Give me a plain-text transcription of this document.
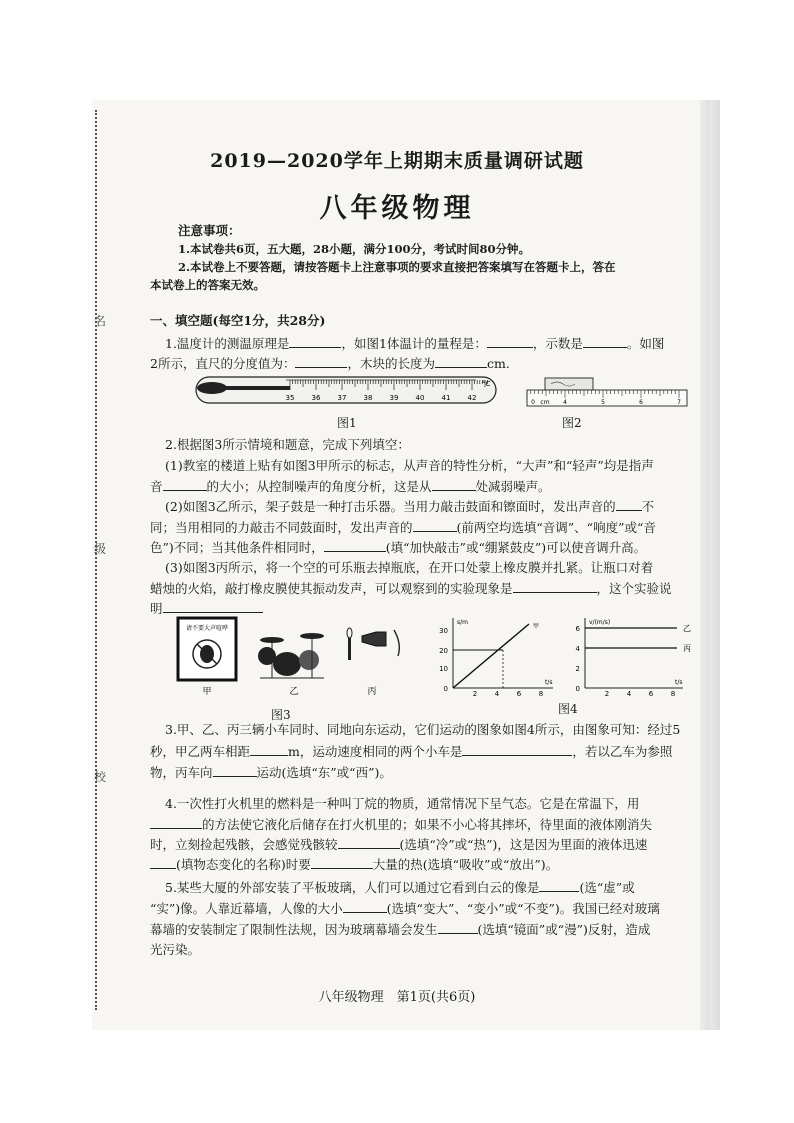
名
级
校
2019—2020学年上期期末质量调研试题
八年级物理
注意事项：
1.本试卷共6页，五大题，28小题，满分100分，考试时间80分钟。
2.本试卷上不要答题，请按答题卡上注意事项的要求直接把答案填写在答题卡上，答在
本试卷上的答案无效。
一、填空题(每空1分，共28分)
1.温度计的测温原理是	，如图1体温计的量程是：	，示数是	。如图
2所示，直尺的分度值为：	，木块的长度为	cm.
°C
35 36 37 38 39 40 41 42
图1
0 cm 4	5	6	7
图2
2.根据图3所示情境和题意，完成下列填空：
(1)教室的楼道上贴有如图3甲所示的标志，从声音的特性分析，“大声”和“轻声”均是指声
音	的大小；从控制噪声的角度分析，这是从	处减弱噪声。
(2)如图3乙所示，架子鼓是一种打击乐器。当用力敲击鼓面和镲面时，发出声音的 不
同；当用相同的力敲击不同鼓面时，发出声音的	(前两空均选填“音调”、“响度”或“音
色”)不同；当其他条件相同时，	(填“加快敲击”或“绷紧鼓皮”)可以使音调升高。
(3)如图3丙所示，将一个空的可乐瓶去掉瓶底，在开口处蒙上橡皮膜并扎紧。让瓶口对着
蜡烛的火焰，敲打橡皮膜使其振动发声，可以观察到的实验现象是	，这个实验说
明
请不要大声喧哗
甲	乙	丙
图3
s/m
t/s
甲
0
10
20
30
2	4	6	8
v/(m/s)
t/s
乙
丙
0
2
4
6
2	4	6	8
图4
3.甲、乙、丙三辆小车同时、同地向东运动，它们运动的图象如图4所示，由图象可知：经过5
秒，甲乙两车相距	m，运动速度相同的两个小车是	，若以乙车为参照
物，丙车向	运动(选填“东”或“西”)。
4.一次性打火机里的燃料是一种叫丁烷的物质，通常情况下呈气态。它是在常温下，用
的方法使它液化后储存在打火机里的；如果不小心将其摔坏，待里面的液体刚消失
时，立刻捡起残骸，会感觉残骸较	(选填“冷”或“热”)，这是因为里面的液体迅速
(填物态变化的名称)时要	大量的热(选填“吸收”或“放出”)。
5.某些大厦的外部安装了平板玻璃，人们可以通过它看到白云的像是	(选“虚”或
“实”)像。人靠近幕墙，人像的大小	(选填“变大”、“变小”或“不变”)。我国已经对玻璃
幕墙的安装制定了限制性法规，因为玻璃幕墙会发生	(选填“镜面”或“漫”)反射，造成
光污染。
八年级物理　第1页(共6页)
